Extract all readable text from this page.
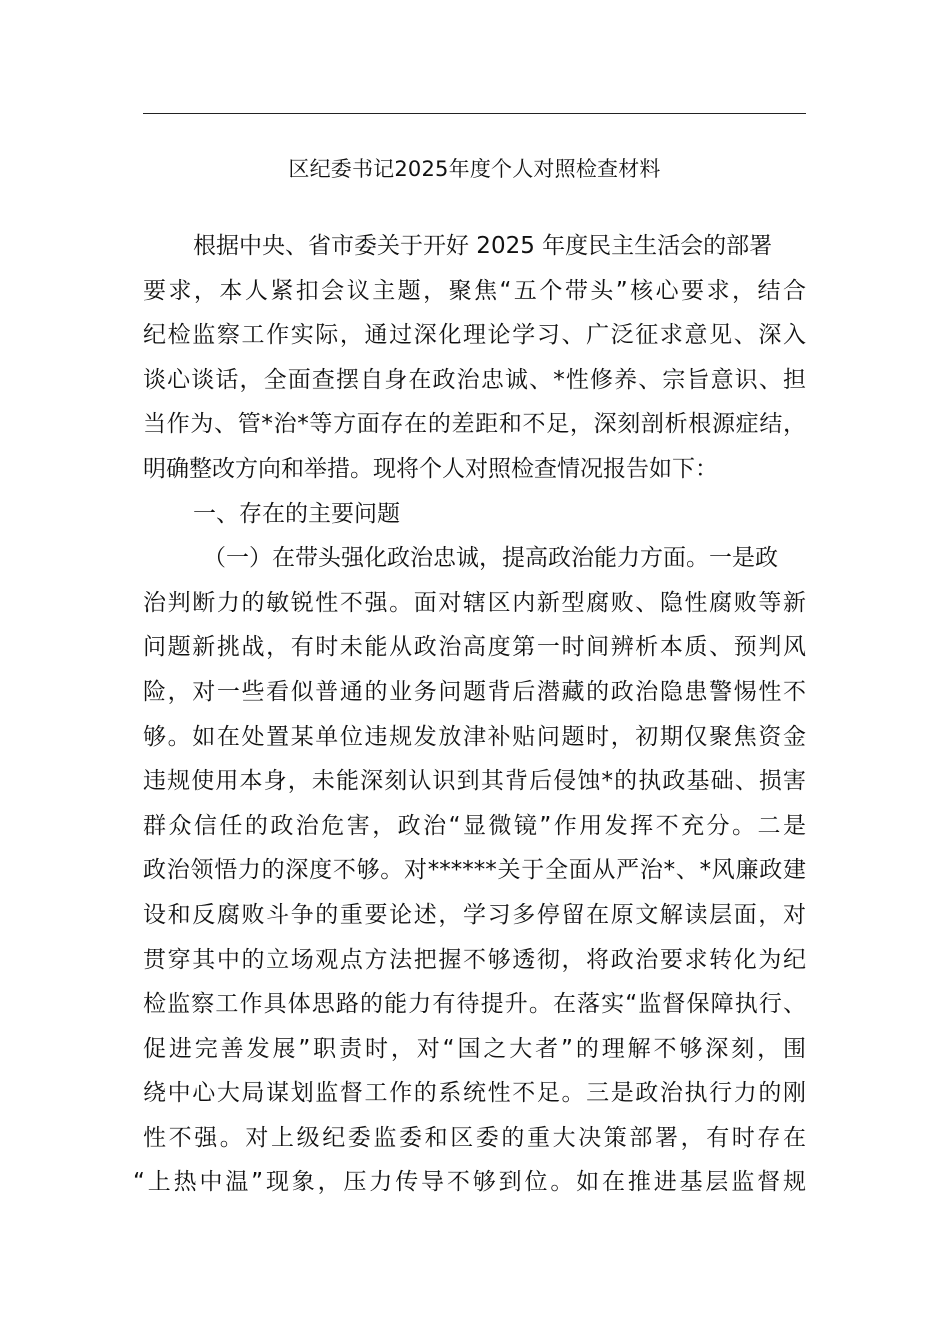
区纪委书记2025年度个人对照检查材料
根据中央、省市委关于开好 2025 年度民主生活会的部署
要求，本人紧扣会议主题，聚焦“五个带头”核心要求，结合
纪检监察工作实际，通过深化理论学习、广泛征求意见、深入
谈心谈话，全面查摆自身在政治忠诚、*性修养、宗旨意识、担
当作为、管*治*等方面存在的差距和不足，深刻剖析根源症结，
明确整改方向和举措。现将个人对照检查情况报告如下：
一、存在的主要问题
（一）在带头强化政治忠诚，提高政治能力方面。一是政
治判断力的敏锐性不强。面对辖区内新型腐败、隐性腐败等新
问题新挑战，有时未能从政治高度第一时间辨析本质、预判风
险，对一些看似普通的业务问题背后潜藏的政治隐患警惕性不
够。如在处置某单位违规发放津补贴问题时，初期仅聚焦资金
违规使用本身，未能深刻认识到其背后侵蚀*的执政基础、损害
群众信任的政治危害，政治“显微镜”作用发挥不充分。二是
政治领悟力的深度不够。对******关于全面从严治*、*风廉政建
设和反腐败斗争的重要论述，学习多停留在原文解读层面，对
贯穿其中的立场观点方法把握不够透彻，将政治要求转化为纪
检监察工作具体思路的能力有待提升。在落实“监督保障执行、
促进完善发展”职责时，对“国之大者”的理解不够深刻，围
绕中心大局谋划监督工作的系统性不足。三是政治执行力的刚
性不强。对上级纪委监委和区委的重大决策部署，有时存在
“上热中温”现象，压力传导不够到位。如在推进基层监督规
